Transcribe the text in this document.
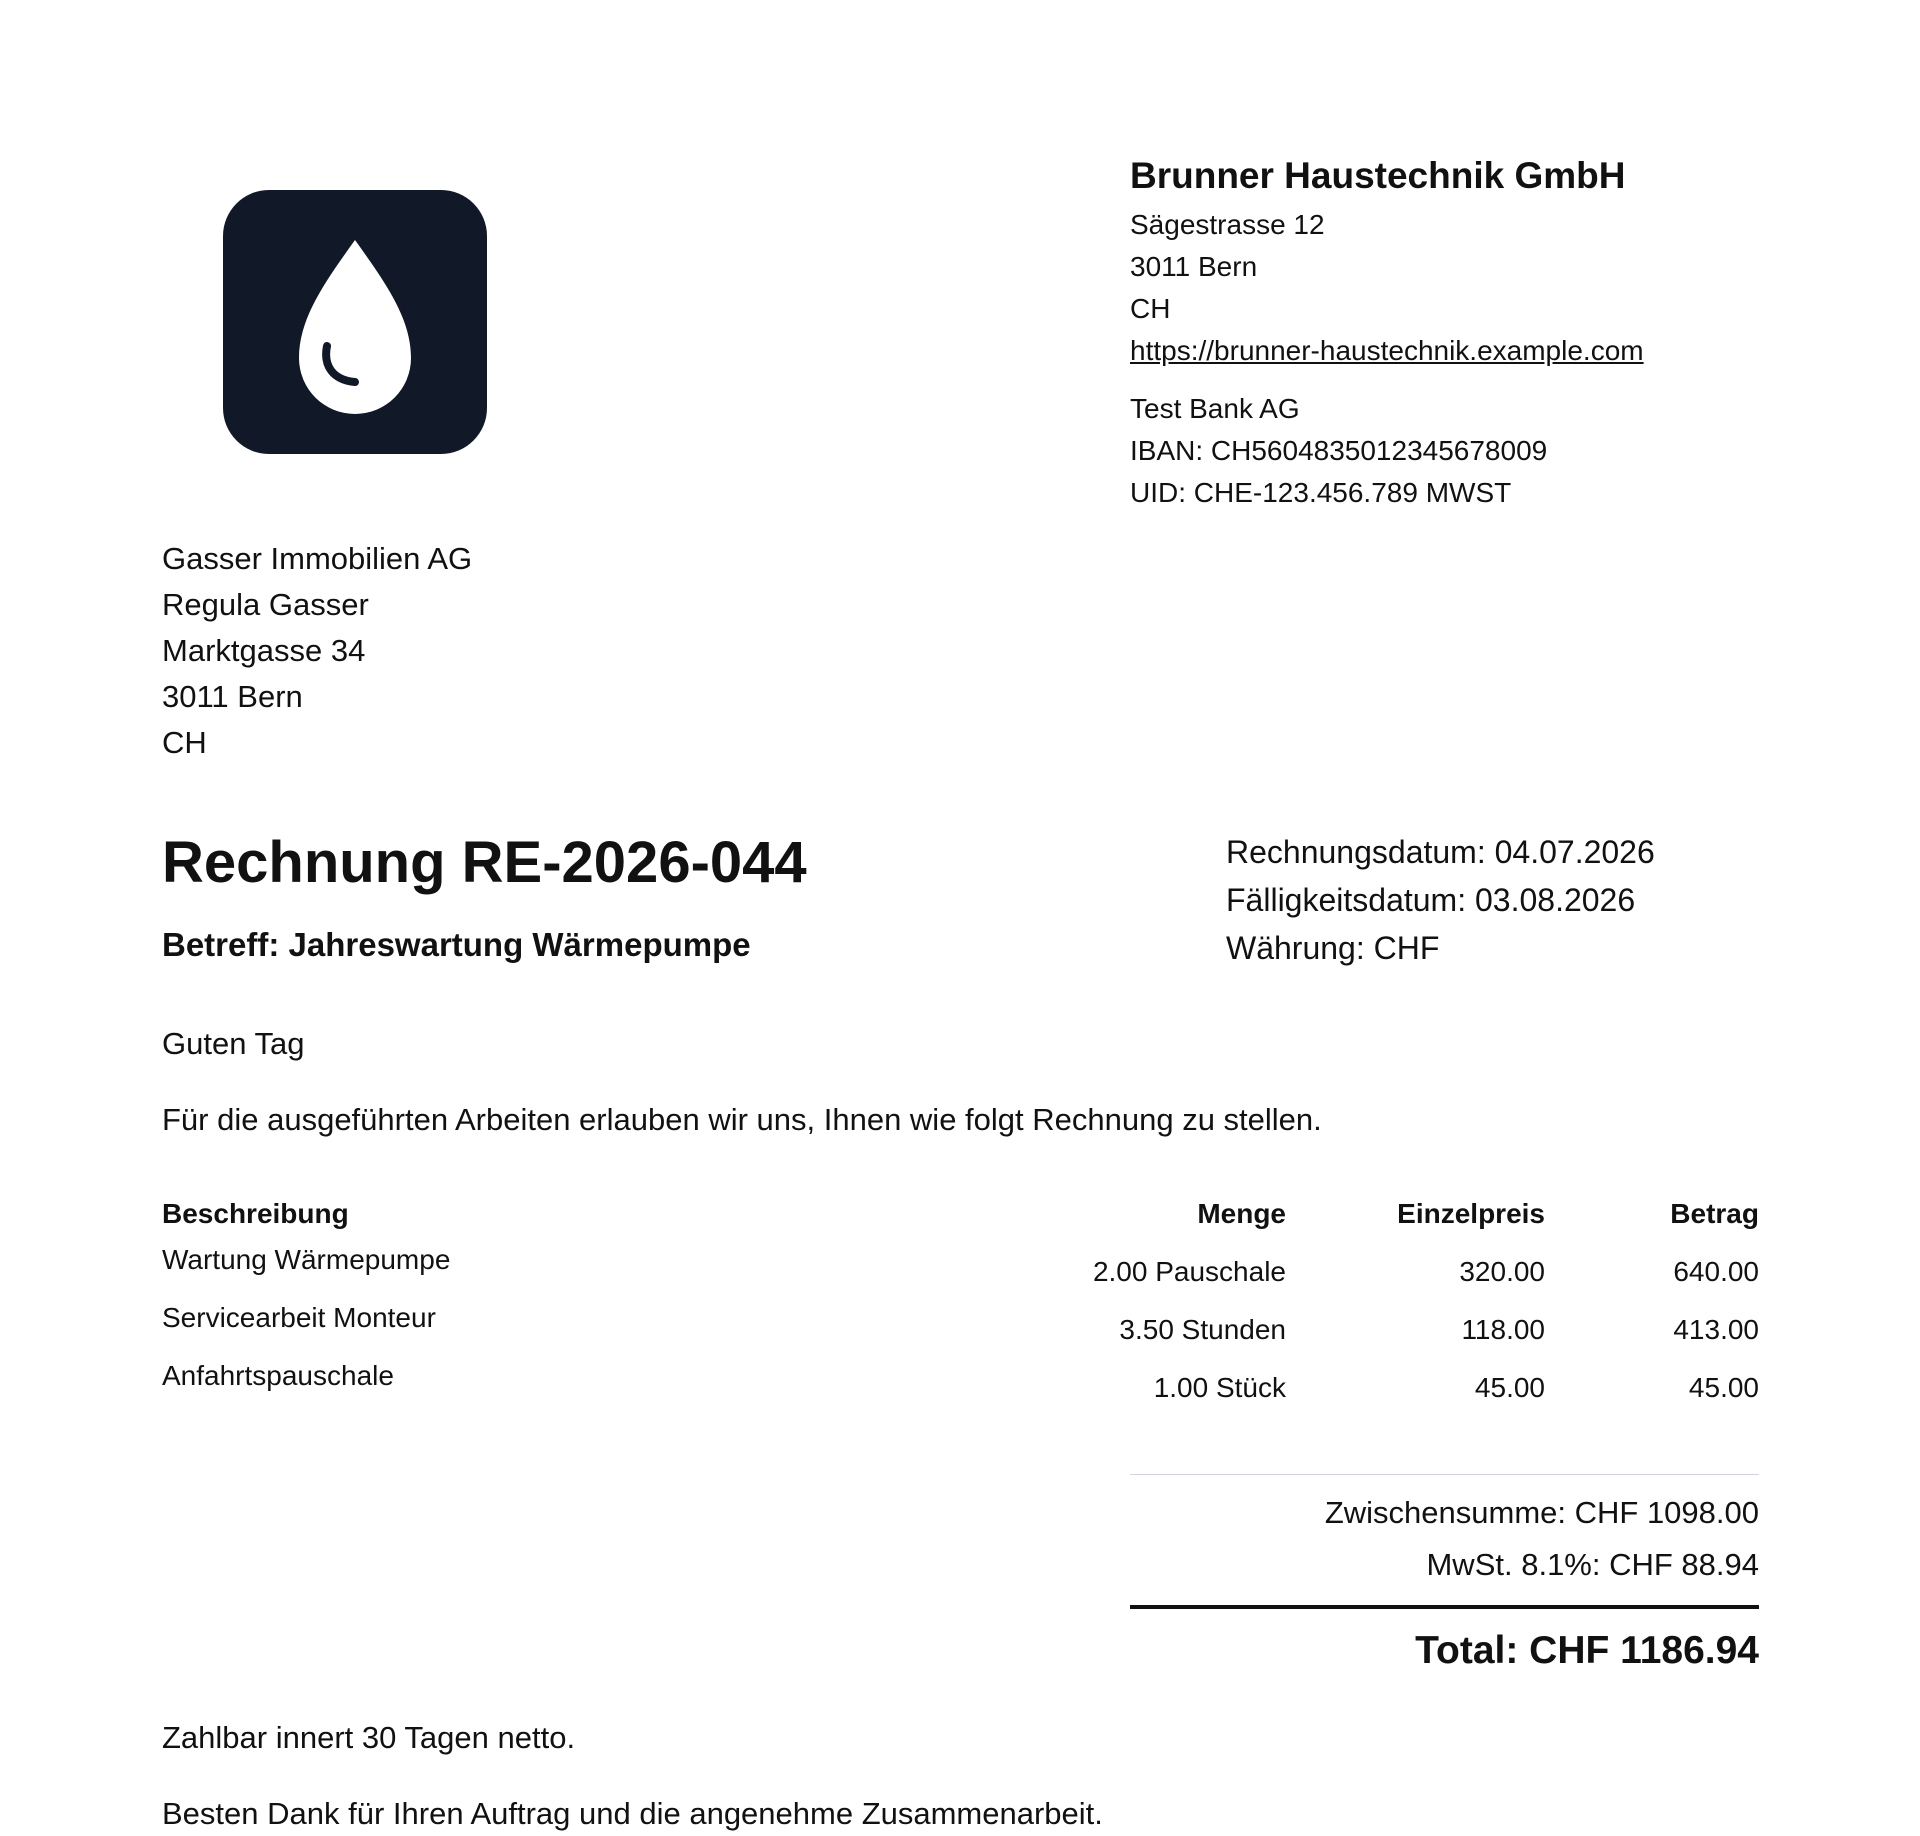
Brunner Haustechnik GmbH
Sägestrasse 12
3011 Bern
CH
https://brunner-haustechnik.example.com
Test Bank AG
IBAN: CH5604835012345678009
UID: CHE-123.456.789 MWST
Gasser Immobilien AG
Regula Gasser
Marktgasse 34
3011 Bern
CH
Rechnung RE-2026-044
Betreff: Jahreswartung Wärmepumpe
Rechnungsdatum: 04.07.2026
Fälligkeitsdatum: 03.08.2026
Währung: CHF
Guten Tag
Für die ausgeführten Arbeiten erlauben wir uns, Ihnen wie folgt Rechnung zu stellen.
Beschreibung	Menge	Einzelpreis	Betrag
Wartung Wärmepumpe	2.00 Pauschale	320.00	640.00
Servicearbeit Monteur	3.50 Stunden	118.00	413.00
Anfahrtspauschale	1.00 Stück	45.00	45.00
Zwischensumme: CHF 1098.00
MwSt. 8.1%: CHF 88.94
Total: CHF 1186.94
Zahlbar innert 30 Tagen netto.
Besten Dank für Ihren Auftrag und die angenehme Zusammenarbeit.
